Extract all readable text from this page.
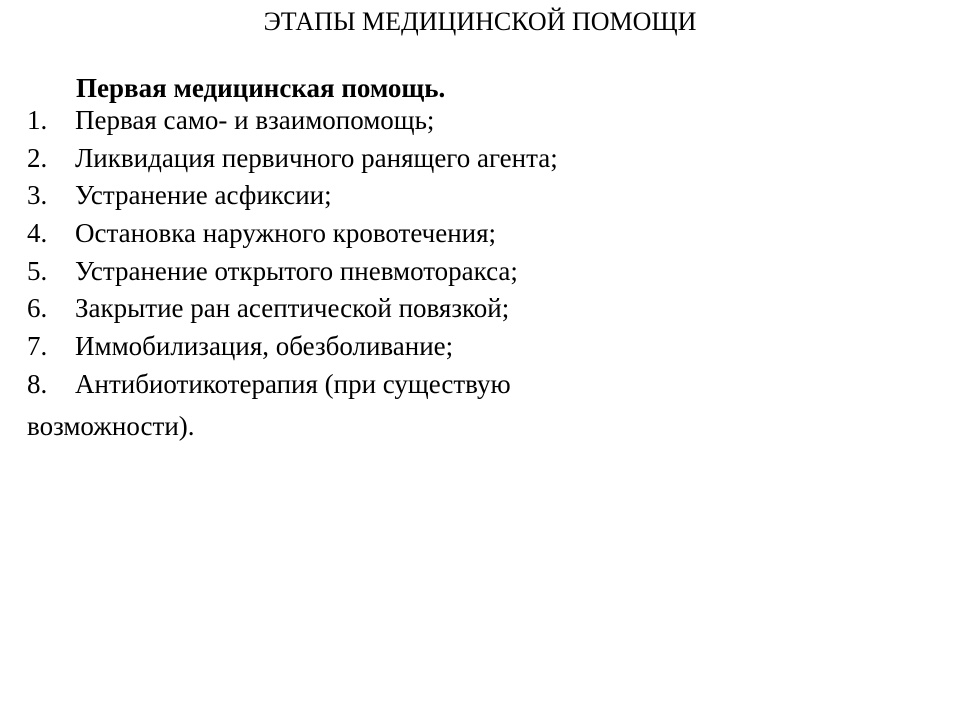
ЭТАПЫ МЕДИЦИНСКОЙ ПОМОЩИ
Первая медицинская помощь.
1. Первая само- и взаимопомощь;
2. Ликвидация первичного ранящего агента;
3. Устранение асфиксии;
4. Остановка наружного кровотечения;
5. Устранение открытого пневмоторакса;
6. Закрытие ран асептической повязкой;
7. Иммобилизация, обезболивание;
8. Антибиотикотерапия (при существую
возможности).
